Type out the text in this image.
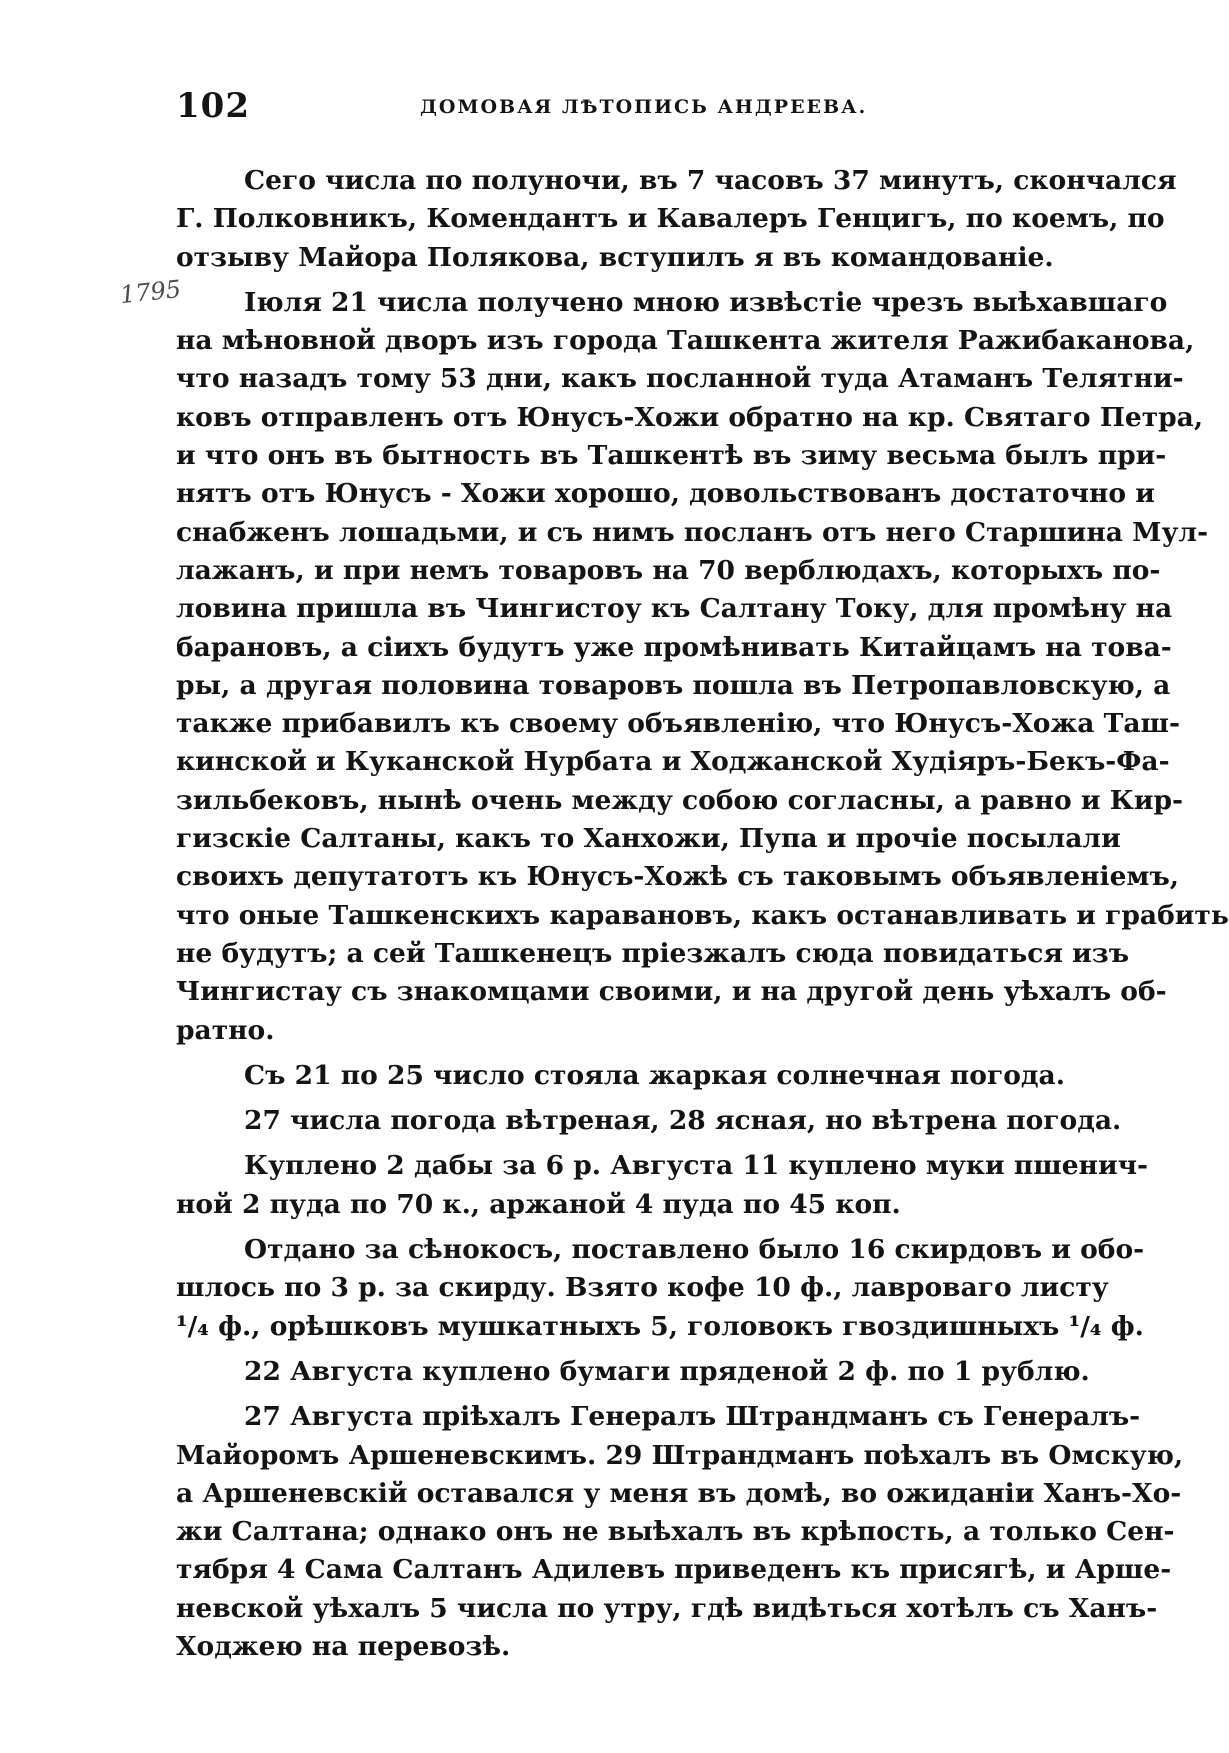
102	ДОМОВАЯ ЛѢТОПИСЬ АНДРЕЕВА.
1795
Сего числа по полуночи, въ 7 часовъ 37 минутъ, скончался
Г. Полковникъ, Комендантъ и Кавалеръ Генцигъ, по коемъ, по
отзыву Майора Полякова, вступилъ я въ командованіе.
Іюля 21 числа получено мною извѣстіе чрезъ выѣхавшаго
на мѣновной дворъ изъ города Ташкента жителя Ражибаканова,
что назадъ тому 53 дни, какъ посланной туда Атаманъ Телятни-
ковъ отправленъ отъ Юнусъ-Хожи обратно на кр. Святаго Петра,
и что онъ въ бытность въ Ташкентѣ въ зиму весьма былъ при-
нятъ отъ Юнусъ - Хожи хорошо, довольствованъ достаточно и
снабженъ лошадьми, и съ нимъ посланъ отъ него Старшина Мул-
лажанъ, и при немъ товаровъ на 70 верблюдахъ, которыхъ по-
ловина пришла въ Чингистоу къ Салтану Току, для промѣну на
барановъ, а сіихъ будутъ уже промѣнивать Китайцамъ на това-
ры, а другая половина товаровъ пошла въ Петропавловскую, а
также прибавилъ къ своему объявленію, что Юнусъ-Хожа Таш-
кинской и Куканской Нурбата и Ходжанской Худіяръ-Бекъ-Фа-
зильбековъ, нынѣ очень между собою согласны, а равно и Кир-
гизскіе Салтаны, какъ то Ханхожи, Пупа и прочіе посылали
своихъ депутатотъ къ Юнусъ-Хожѣ съ таковымъ объявленіемъ,
что оные Ташкенскихъ каравановъ, какъ останавливать и грабить
не будутъ; а сей Ташкенецъ пріезжалъ сюда повидаться изъ
Чингистау съ знакомцами своими, и на другой день уѣхалъ об-
ратно.
Съ 21 по 25 число стояла жаркая солнечная погода.
27 числа погода вѣтреная, 28 ясная, но вѣтрена погода.
Куплено 2 дабы за 6 р. Августа 11 куплено муки пшенич-
ной 2 пуда по 70 к., аржаной 4 пуда по 45 коп.
Отдано за сѣнокосъ, поставлено было 16 скирдовъ и обо-
шлось по 3 р. за скирду. Взято кофе 10 ф., лавроваго листу
¹/₄ ф., орѣшковъ мушкатныхъ 5, головокъ гвоздишныхъ ¹/₄ ф.
22 Августа куплено бумаги пряденой 2 ф. по 1 рублю.
27 Августа пріѣхалъ Генералъ Штрандманъ съ Генералъ-
Майоромъ Аршеневскимъ. 29 Штрандманъ поѣхалъ въ Омскую,
а Аршеневскій оставался у меня въ домѣ, во ожиданіи Ханъ-Хо-
жи Салтана; однако онъ не выѣхалъ въ крѣпость, а только Сен-
тября 4 Сама Салтанъ Адилевъ приведенъ къ присягѣ, и Арше-
невской уѣхалъ 5 числа по утру, гдѣ видѣться хотѣлъ съ Ханъ-
Ходжею на перевозѣ.
